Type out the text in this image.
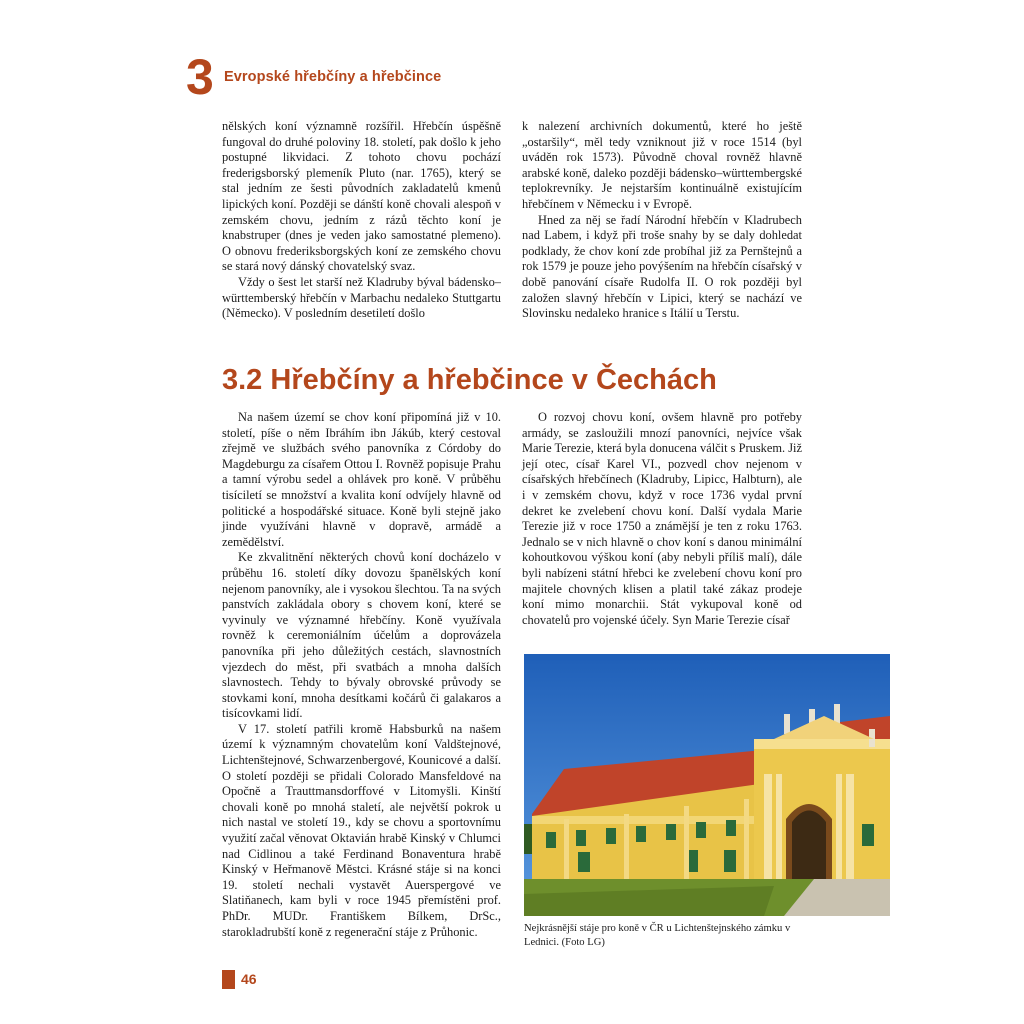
3 Evropské hřebčíny a hřebčince

nělských koní významně rozšířil. Hřebčín úspěšně fungoval do druhé poloviny 18. století, pak došlo k jeho postupné likvidaci. Z tohoto chovu pochází frederigsborský plemeník Pluto (nar. 1765), který se stal jedním ze šesti původních zakladatelů kmenů lipických koní. Později se dánští koně chovali alespoň v zemském chovu, jedním z rázů těchto koní je knabstruper (dnes je veden jako samostatné plemeno). O obnovu frederiksborgských koní ze zemského chovu se stará nový dánský chovatelský svaz.

Vždy o šest let starší než Kladruby býval bádensko–württemberský hřebčín v Marbachu nedaleko Stuttgartu (Německo). V posledním desetiletí došlo

k nalezení archivních dokumentů, které ho ještě „ostaršily“, měl tedy vzniknout již v roce 1514 (byl uváděn rok 1573). Původně choval rovněž hlavně arabské koně, daleko později bádensko–württembergské teplokrevníky. Je nejstarším kontinuálně existujícím hřebčínem v Německu i v Evropě.

Hned za něj se řadí Národní hřebčín v Kladrubech nad Labem, i když při troše snahy by se daly dohledat podklady, že chov koní zde probíhal již za Pernštejnů a rok 1579 je pouze jeho povýšením na hřebčín císařský v době panování císaře Rudolfa II. O rok později byl založen slavný hřebčín v Lipici, který se nachází ve Slovinsku nedaleko hranice s Itálií u Terstu.

3.2 Hřebčíny a hřebčince v Čechách

Na našem území se chov koní připomíná již v 10. století, píše o něm Ibráhím ibn Jákúb, který cestoval zřejmě ve službách svého panovníka z Córdoby do Magdeburgu za císařem Ottou I. Rovněž popisuje Prahu a tamní výrobu sedel a ohlávek pro koně. V průběhu tisíciletí se množství a kvalita koní odvíjely hlavně od politické a hospodářské situace. Koně byli stejně jako jinde využíváni hlavně v dopravě, armádě a zemědělství.

Ke zkvalitnění některých chovů koní docházelo v průběhu 16. století díky dovozu španělských koní nejenom panovníky, ale i vysokou šlechtou. Ta na svých panstvích zakládala obory s chovem koní, které se vyvinuly ve významné hřebčíny. Koně využívala rovněž k ceremoniálním účelům a doprovázela panovníka při jeho důležitých cestách, slavnostních vjezdech do měst, při svatbách a mnoha dalších slavnostech. Tehdy to bývaly obrovské průvody se stovkami koní, mnoha desítkami kočárů či galakaros a tisícovkami lidí.

V 17. století patřili kromě Habsburků na našem území k významným chovatelům koní Valdštejnové, Lichtenštejnové, Schwarzenbergové, Kounicové a další. O století později se přidali Colorado Mansfeldové na Opočně a Trauttmansdorffové v Litomyšli. Kinští chovali koně po mnohá staletí, ale největší pokrok u nich nastal ve století 19., kdy se chovu a sportovnímu využití začal věnovat Oktavián hrabě Kinský v Chlumci nad Cidlinou a také Ferdinand Bonaventura hrabě Kinský v Heřmanově Městci. Krásné stáje si na konci 19. století nechali vystavět Auerspergové ve Slatiňanech, kam byli v roce 1945 přemístěni prof. PhDr. MUDr. Františkem Bílkem, DrSc., starokladrubští koně z regenerační stáje z Průhonic.

O rozvoj chovu koní, ovšem hlavně pro potřeby armády, se zasloužili mnozí panovníci, nejvíce však Marie Terezie, která byla donucena válčit s Pruskem. Již její otec, císař Karel VI., pozvedl chov nejenom v císařských hřebčínech (Kladruby, Lipicc, Halbturn), ale i v zemském chovu, když v roce 1736 vydal první dekret ke zvelebení chovu koní. Další vydala Marie Terezie již v roce 1750 a známější je ten z roku 1763. Jednalo se v nich hlavně o chov koní s danou minimální kohoutkovou výškou koní (aby nebyli příliš malí), dále byli nabízeni státní hřebci ke zvelebení chovu koní pro majitele chovných klisen a platil také zákaz prodeje koní mimo monarchii. Stát vykupoval koně od chovatelů pro vojenské účely. Syn Marie Terezie císař

Nejkrásnější stáje pro koně v ČR u Lichtenštejnského zámku v Lednici. (Foto LG)

46
